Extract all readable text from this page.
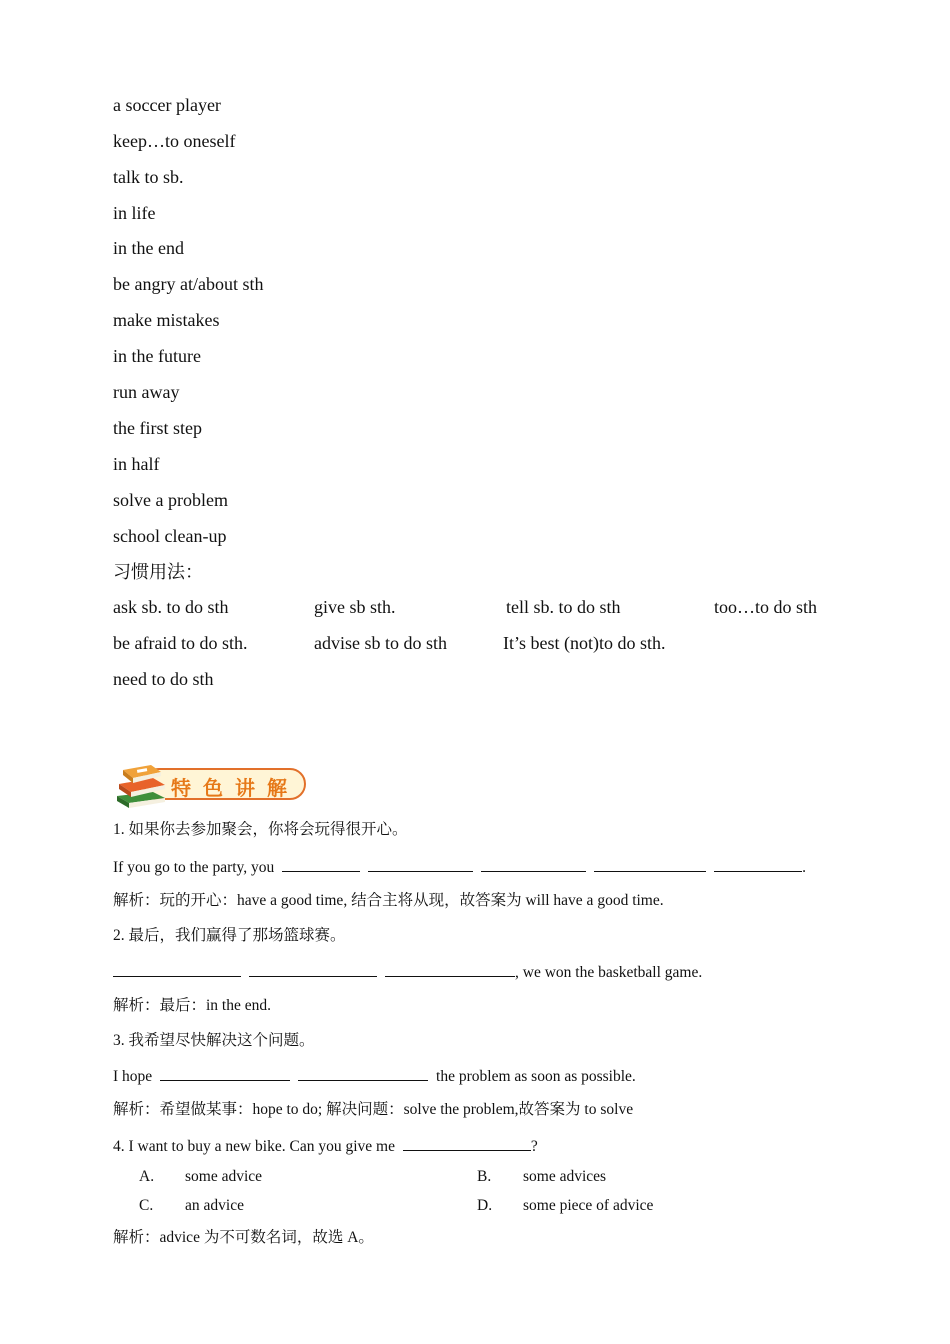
a soccer player
keep…to oneself
talk to sb.
in life
in the end
be angry at/about sth
make mistakes
in the future
run away
the first step
in half
solve a problem
school clean-up
习惯用法：
ask sb. to do sth	give sb sth.	tell sb. to do sth	too…to do sth
be afraid to do sth.	advise sb to do sth	It’s best (not)to do sth.
need to do sth
特色讲解
1. 如果你去参加聚会，你将会玩得很开心。
If you go to the party, you	.
解析：玩的开心：have a good time, 结合主将从现，故答案为 will have a good time.
2. 最后，我们赢得了那场篮球赛。
, we won the basketball game.
解析：最后：in the end.
3. 我希望尽快解决这个问题。
I hope	the problem as soon as possible.
解析：希望做某事：hope to do; 解决问题：solve the problem,故答案为 to solve
4. I want to buy a new bike. Can you give me	?
A. some advice	B. some advices
C. an advice	D. some piece of advice
解析：advice 为不可数名词，故选 A。
